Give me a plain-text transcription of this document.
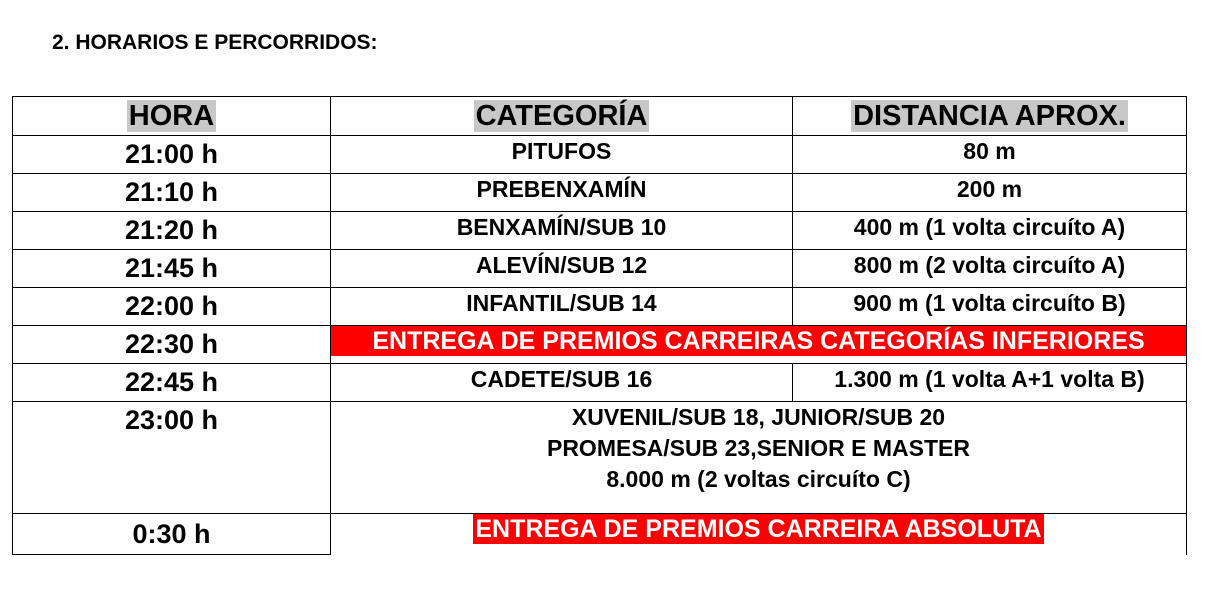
2. HORARIOS E PERCORRIDOS:
HORA	CATEGORÍA	DISTANCIA APROX.
21:00 h	PITUFOS	80 m
21:10 h	PREBENXAMÍN	200 m
21:20 h	BENXAMÍN/SUB 10	400 m (1 volta circuíto A)
21:45 h	ALEVÍN/SUB 12	800 m (2 volta circuíto A)
22:00 h	INFANTIL/SUB 14	900 m (1 volta circuíto B)
22:30 h	ENTREGA DE PREMIOS CARREIRAS CATEGORÍAS INFERIORES	

22:45 h	CADETE/SUB 16	1.300 m (1 volta A+1 volta B)
23:00 h	XUVENIL/SUB 18, JUNIOR/SUB 20
PROMESA/SUB 23,SENIOR E MASTER
8.000 m (2 voltas circuíto C)	

0:30 h	ENTREGA DE PREMIOS CARREIRA ABSOLUTA	
